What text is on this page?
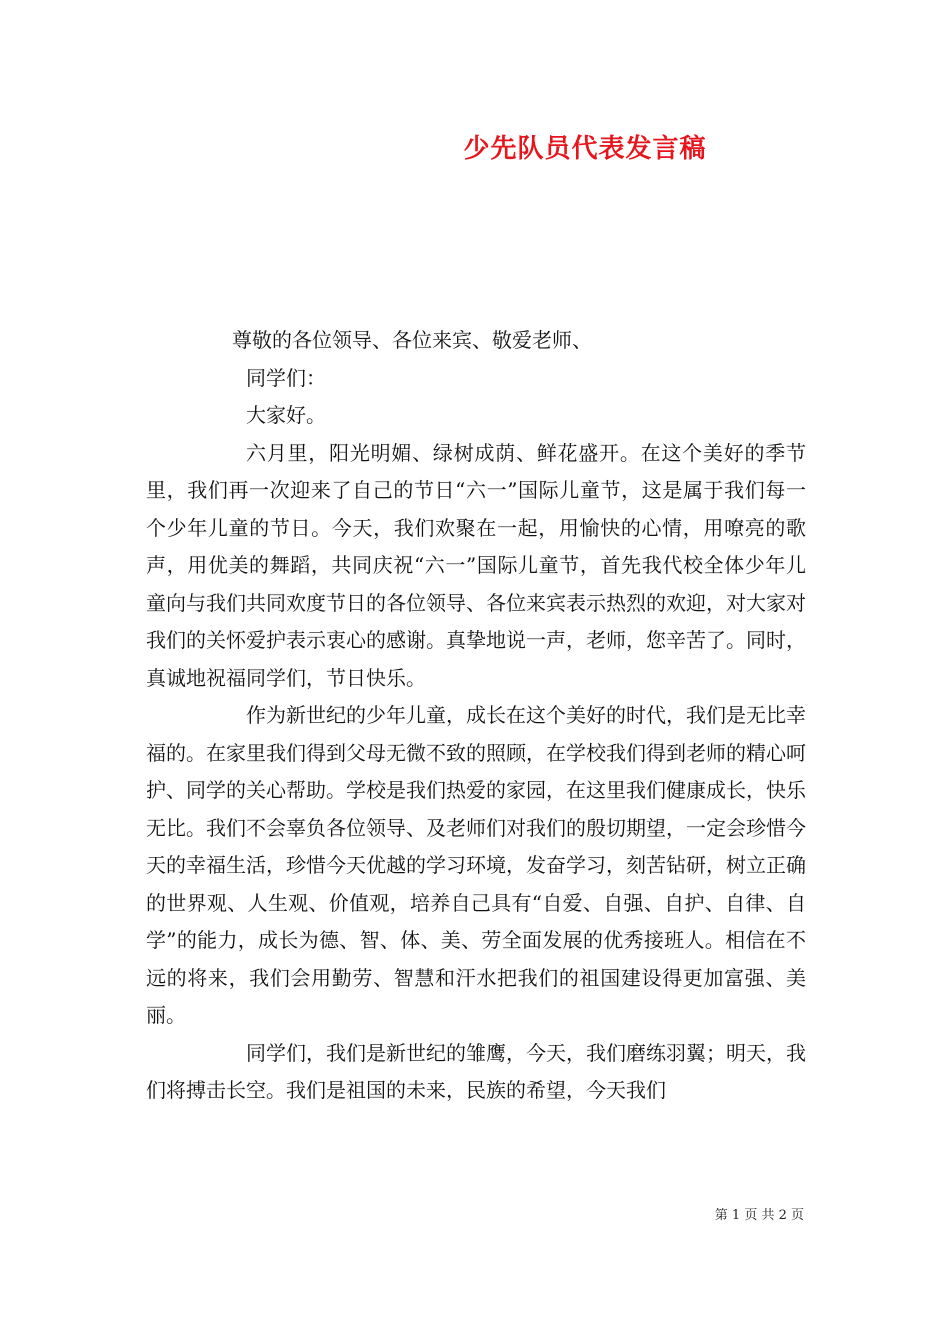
少先队员代表发言稿

尊敬的各位领导、各位来宾、敬爱老师、

同学们：

大家好。

六月里，阳光明媚、绿树成荫、鲜花盛开。在这个美好的季节里，我们再一次迎来了自己的节日“六一”国际儿童节，这是属于我们每一个少年儿童的节日。今天，我们欢聚在一起，用愉快的心情，用嘹亮的歌声，用优美的舞蹈，共同庆祝“六一”国际儿童节，首先我代校全体少年儿童向与我们共同欢度节日的各位领导、各位来宾表示热烈的欢迎，对大家对我们的关怀爱护表示衷心的感谢。真挚地说一声，老师，您辛苦了。同时，真诚地祝福同学们，节日快乐。

作为新世纪的少年儿童，成长在这个美好的时代，我们是无比幸福的。在家里我们得到父母无微不致的照顾，在学校我们得到老师的精心呵护、同学的关心帮助。学校是我们热爱的家园，在这里我们健康成长，快乐无比。我们不会辜负各位领导、及老师们对我们的殷切期望，一定会珍惜今天的幸福生活，珍惜今天优越的学习环境，发奋学习，刻苦钻研，树立正确的世界观、人生观、价值观，培养自己具有“自爱、自强、自护、自律、自学”的能力，成长为德、智、体、美、劳全面发展的优秀接班人。相信在不远的将来，我们会用勤劳、智慧和汗水把我们的祖国建设得更加富强、美丽。

同学们，我们是新世纪的雏鹰，今天，我们磨练羽翼；明天，我们将搏击长空。我们是祖国的未来，民族的希望，今天我们

第 1 页 共 2 页
